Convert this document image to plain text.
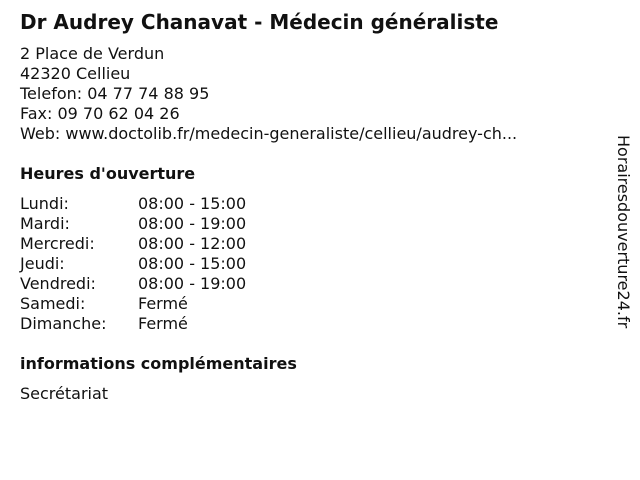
Dr Audrey Chanavat - Médecin généraliste
2 Place de Verdun
42320 Cellieu
Telefon: 04 77 74 88 95
Fax: 09 70 62 04 26
Web: www.doctolib.fr/medecin-generaliste/cellieu/audrey-ch...
Heures d'ouverture
Lundi:	08:00 - 15:00
Mardi:	08:00 - 19:00
Mercredi:	08:00 - 12:00
Jeudi:	08:00 - 15:00
Vendredi:	08:00 - 19:00
Samedi:	Fermé
Dimanche:	Fermé
informations complémentaires
Secrétariat
Horairesdouverture24.fr
